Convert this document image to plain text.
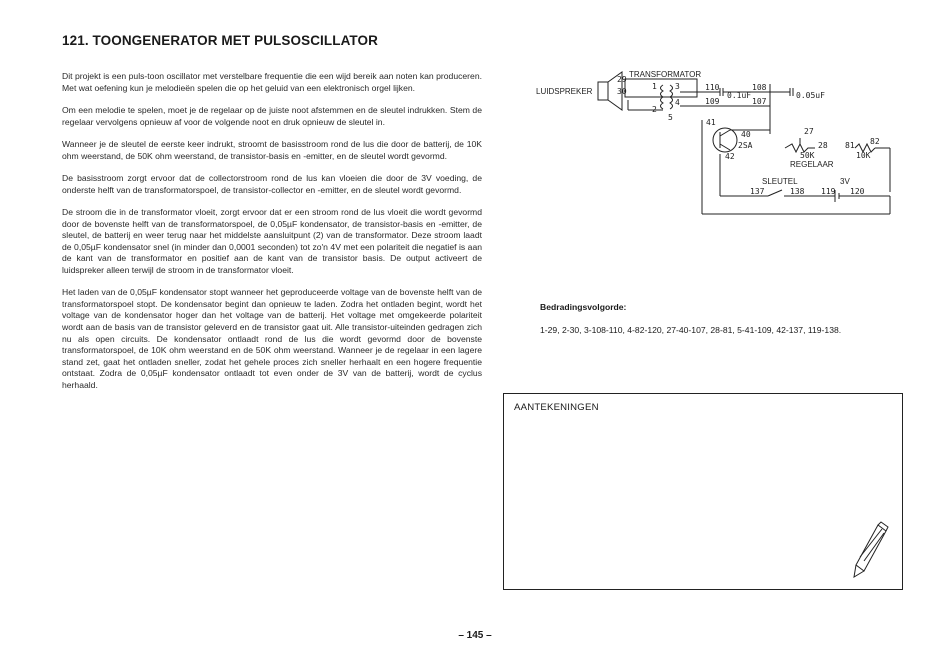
121. TOONGENERATOR MET PULSOSCILLATOR

Dit projekt is een puls-toon oscillator met verstelbare frequentie die een wijd bereik aan noten kan produceren. Met wat oefening kun je melodieën spelen die op het geluid van een elektronisch orgel lijken.

Om een melodie te spelen, moet je de regelaar op de juiste noot afstemmen en de sleutel indrukken. Stem de regelaar vervolgens opnieuw af voor de volgende noot en druk opnieuw de sleutel in.

Wanneer je de sleutel de eerste keer indrukt, stroomt de basisstroom rond de lus die door de batterij, de 10K ohm weerstand, de 50K ohm weerstand, de transistor-basis en -emitter, en de sleutel wordt gevormd.

De basisstroom zorgt ervoor dat de collectorstroom rond de lus kan vloeien die door de 3V voeding, de onderste helft van de transformatorspoel, de transistor-collector en -emitter, en de sleutel wordt gevormd.

De stroom die in de transformator vloeit, zorgt ervoor dat er een stroom rond de lus vloeit die wordt gevormd door de bovenste helft van de transformatorspoel, de 0,05µF kondensator, de transistor-basis en -emitter, de sleutel, de batterij en weer terug naar het middelste aansluitpunt (2) van de transformator. Deze stroom laadt de 0,05µF kondensator snel (in minder dan 0,0001 seconden) tot zo'n 4V met een polariteit die negatief is aan de kant van de transformator en positief aan de kant van de transistor basis. De output activeert de luidspreker alleen terwijl de stroom in de transformator vloeit.

Het laden van de 0,05µF kondensator stopt wanneer het geproduceerde voltage van de bovenste helft van de transformatorspoel stopt. De kondensator begint dan opnieuw te laden. Zodra het ontladen begint, wordt het voltage van de kondensator hoger dan het voltage van de batterij. Het voltage met omgekeerde polariteit wordt aan de basis van de transistor geleverd en de transistor gaat uit. Alle transistor-uiteinden gedragen zich nu als open circuits. De kondensator ontlaadt rond de lus die wordt gevormd door de bovenste transformatorspoel, de 10K ohm weerstand en de 50K ohm weerstand. Wanneer je de regelaar in een lagere stand zet, gaat het ontladen sneller, zodat het gehele proces zich sneller herhaalt en een hogere frequentie ontstaat. Zodra de 0,05µF kondensator ontlaadt tot even onder de 3V van de batterij, wordt de cyclus herhaald.

LUIDSPREKER
29
30
TRANSFORMATOR
1
2
3
4
5
110	108
109	107
0.1uF	0.05uF
41
40
2SA
42
27
28 81 82
50K	10K
REGELAAR
SLEUTEL	3V
137	138 119 120
Bedradingsvolgorde:
1-29, 2-30, 3-108-110, 4-82-120, 27-40-107, 28-81, 5-41-109, 42-137, 119-138.
AANTEKENINGEN
– 145 –
